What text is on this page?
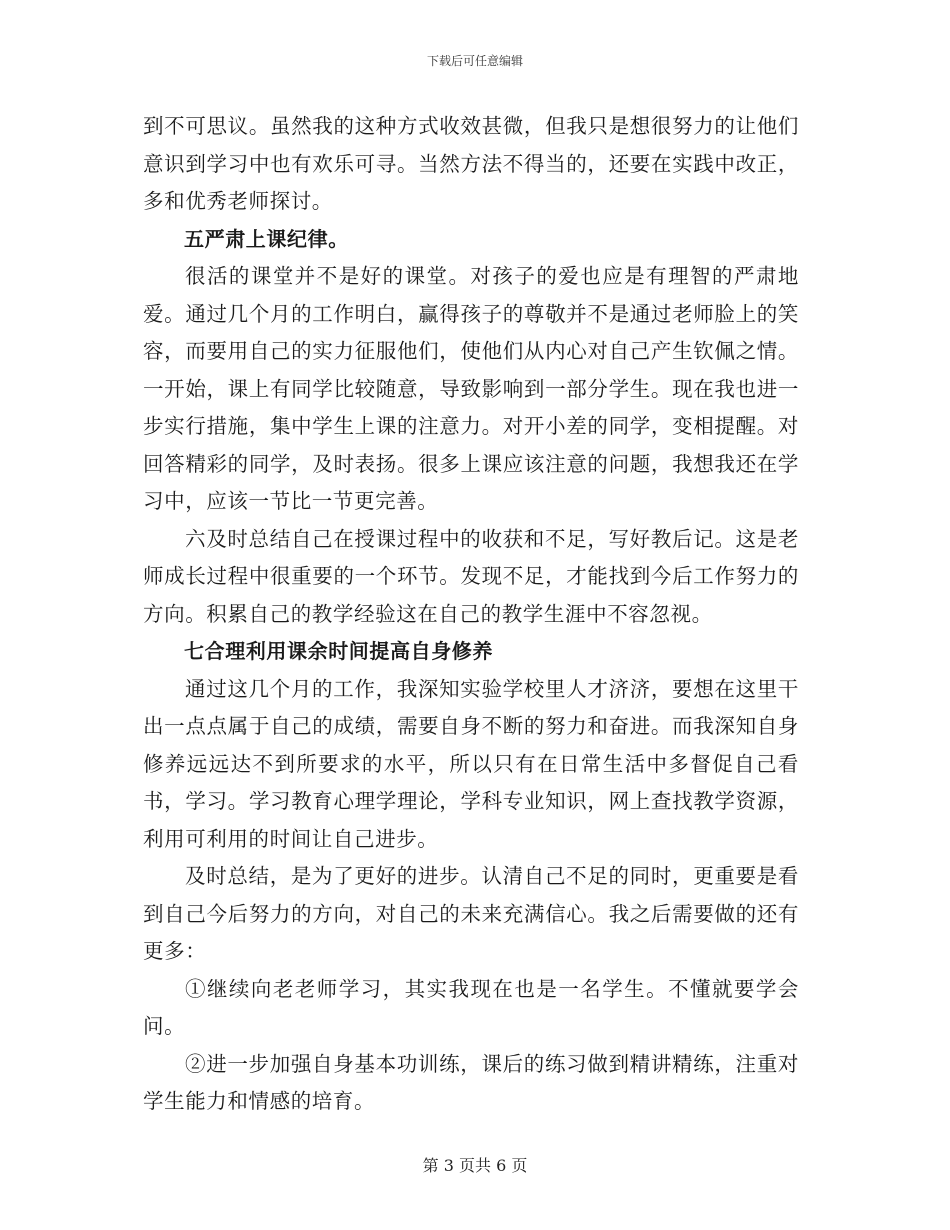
下载后可任意编辑

到不可思议。虽然我的这种方式收效甚微，但我只是想很努力的让他们意识到学习中也有欢乐可寻。当然方法不得当的，还要在实践中改正，多和优秀老师探讨。

五严肃上课纪律。

很活的课堂并不是好的课堂。对孩子的爱也应是有理智的严肃地爱。通过几个月的工作明白，赢得孩子的尊敬并不是通过老师脸上的笑容，而要用自己的实力征服他们，使他们从内心对自己产生钦佩之情。一开始，课上有同学比较随意，导致影响到一部分学生。现在我也进一步实行措施，集中学生上课的注意力。对开小差的同学，变相提醒。对回答精彩的同学，及时表扬。很多上课应该注意的问题，我想我还在学习中，应该一节比一节更完善。

六及时总结自己在授课过程中的收获和不足，写好教后记。这是老师成长过程中很重要的一个环节。发现不足，才能找到今后工作努力的方向。积累自己的教学经验这在自己的教学生涯中不容忽视。

七合理利用课余时间提高自身修养

通过这几个月的工作，我深知实验学校里人才济济，要想在这里干出一点点属于自己的成绩，需要自身不断的努力和奋进。而我深知自身修养远远达不到所要求的水平，所以只有在日常生活中多督促自己看书，学习。学习教育心理学理论，学科专业知识，网上查找教学资源，利用可利用的时间让自己进步。

及时总结，是为了更好的进步。认清自己不足的同时，更重要是看到自己今后努力的方向，对自己的未来充满信心。我之后需要做的还有更多：

①继续向老老师学习，其实我现在也是一名学生。不懂就要学会问。

②进一步加强自身基本功训练，课后的练习做到精讲精练，注重对学生能力和情感的培育。

第 3 页共 6 页
